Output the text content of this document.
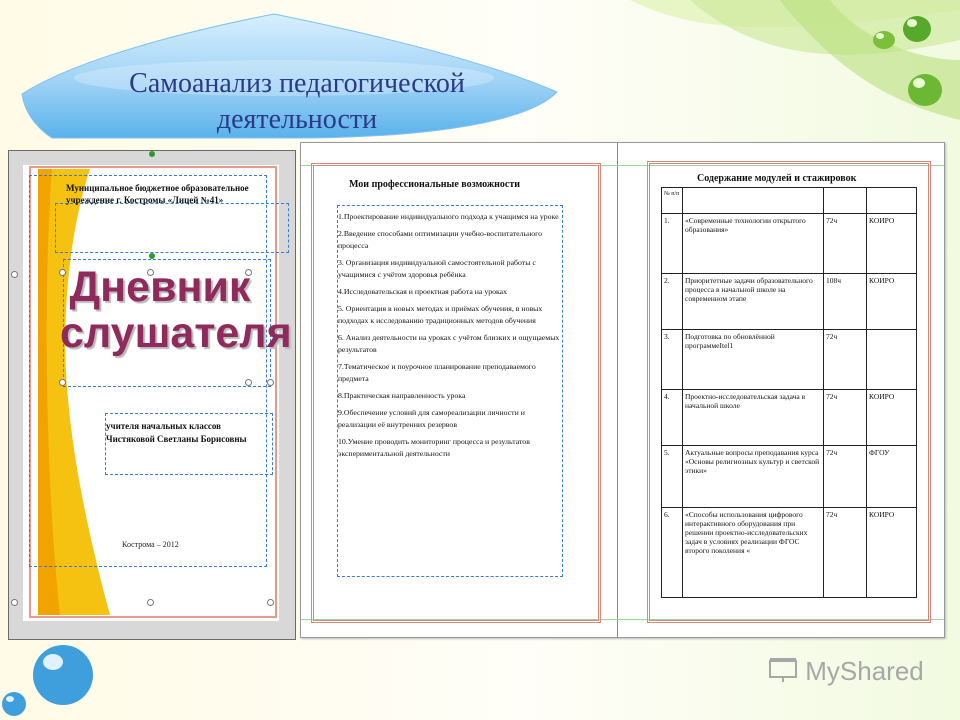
Самоанализ педагогической
деятельности
Муниципальное бюджетное образовательное
учреждение г. Костромы «Лицей №41»
Дневник
слушателя
учителя начальных классов
Чистяковой Светланы Борисовны
Кострома – 2012
Мои профессиональные возможности
1.Проектирование индивидуального подхода к учащимся на уроке
2.Введение способами оптимизации учебно-воспитательного процесса
3. Организация индивидуальной самостоятельной работы с учащимися с учётом здоровья ребёнка
4.Исследовательская и проектная работа на уроках
5. Ориентация в новых методах и приёмах обучения, в новых подходах к исследованию традиционных методов обучения
6. Анализ деятельности на уроках с учётом близких и ощущаемых результатов
7.Тематическое и поурочное планирование преподаваемого предмета
8.Практическая направленность урока
9.Обеспечение условий для самореализации личности и реализации её внутренних резервов
10.Умение проводить мониторинг процесса и результатов экспериментальной деятельности
Содержание модулей и стажировок
№ п/п			
1.	«Современные технологии открытого образования»	72ч	КОИРО
2.	Приоритетные задачи образовательного процесса в начальной школе на современном этапе	108ч	КОИРО
3.	Подготовка по обновлённой программеItel1	72ч	
4.	Проектно-исследовательская задача в начальной школе	72ч	КОИРО
5.	Актуальные вопросы преподавания курса «Основы религиозных культур и светской этики»	72ч	ФГОУ
6.	«Способы использования цифрового интерактивного оборудования при решении проектно-исследовательских задач в условиях реализации ФГОС второго поколения «	72ч	КОИРО
MyShared
